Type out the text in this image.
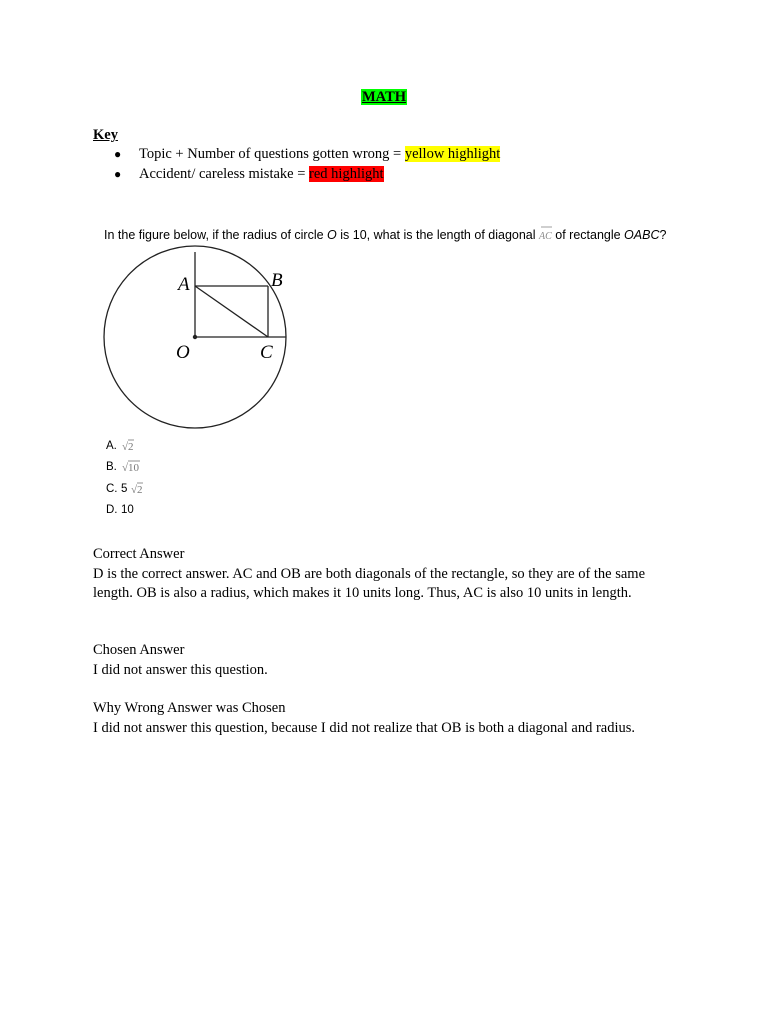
MATH
Key
● Topic + Number of questions gotten wrong = yellow highlight
● Accident/ careless mistake = red highlight
In the figure below, if the radius of circle O is 10, what is the length of diagonal AC of rectangle OABC?
A	B
O	C
A. √ 2
B. √ 10
C. 5 √ 2
D. 10
Correct Answer
D is the correct answer. AC and OB are both diagonals of the rectangle, so they are of the same length. OB is also a radius, which makes it 10 units long. Thus, AC is also 10 units in length.
Chosen Answer
I did not answer this question.
Why Wrong Answer was Chosen
I did not answer this question, because I did not realize that OB is both a diagonal and radius.
